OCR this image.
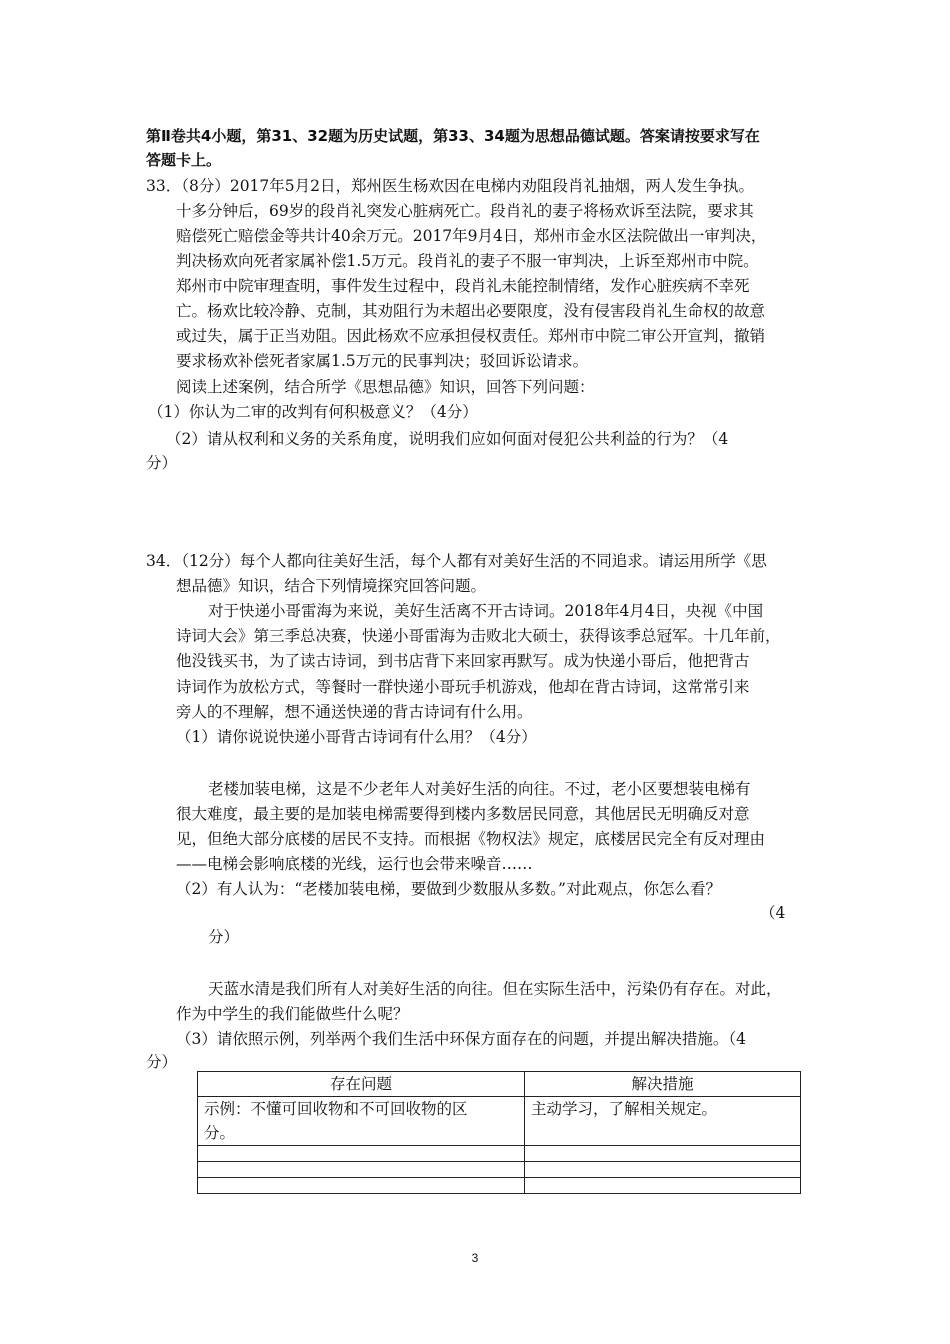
第Ⅱ卷共4小题，第31、32题为历史试题，第33、34题为思想品德试题。答案请按要求写在
答题卡上。
33．（8分）2017年5月2日，郑州医生杨欢因在电梯内劝阻段肖礼抽烟，两人发生争执。
十多分钟后，69岁的段肖礼突发心脏病死亡。段肖礼的妻子将杨欢诉至法院，要求其
赔偿死亡赔偿金等共计40余万元。2017年9月4日，郑州市金水区法院做出一审判决，
判决杨欢向死者家属补偿1.5万元。段肖礼的妻子不服一审判决，上诉至郑州市中院。
郑州市中院审理查明，事件发生过程中，段肖礼未能控制情绪，发作心脏疾病不幸死
亡。杨欢比较冷静、克制，其劝阻行为未超出必要限度，没有侵害段肖礼生命权的故意
或过失，属于正当劝阻。因此杨欢不应承担侵权责任。郑州市中院二审公开宣判，撤销
要求杨欢补偿死者家属1.5万元的民事判决；驳回诉讼请求。
阅读上述案例，结合所学《思想品德》知识，回答下列问题：
（1）你认为二审的改判有何积极意义？（4分）
（2）请从权利和义务的关系角度，说明我们应如何面对侵犯公共利益的行为？（4
分）
34．（12分）每个人都向往美好生活，每个人都有对美好生活的不同追求。请运用所学《思
想品德》知识，结合下列情境探究回答问题。
对于快递小哥雷海为来说，美好生活离不开古诗词。2018年4月4日，央视《中国
诗词大会》第三季总决赛，快递小哥雷海为击败北大硕士，获得该季总冠军。十几年前，
他没钱买书，为了读古诗词，到书店背下来回家再默写。成为快递小哥后，他把背古
诗词作为放松方式，等餐时一群快递小哥玩手机游戏，他却在背古诗词，这常常引来
旁人的不理解，想不通送快递的背古诗词有什么用。
（1）请你说说快递小哥背古诗词有什么用？（4分）
老楼加装电梯，这是不少老年人对美好生活的向往。不过，老小区要想装电梯有
很大难度，最主要的是加装电梯需要得到楼内多数居民同意，其他居民无明确反对意
见，但绝大部分底楼的居民不支持。而根据《物权法》规定，底楼居民完全有反对理由
——电梯会影响底楼的光线，运行也会带来噪音……
（2）有人认为：“老楼加装电梯，要做到少数服从多数。”对此观点，你怎么看？
（4
分）
天蓝水清是我们所有人对美好生活的向往。但在实际生活中，污染仍有存在。对此，
作为中学生的我们能做些什么呢？
（3）请依照示例，列举两个我们生活中环保方面存在的问题，并提出解决措施。（4
分）
存在问题	解决措施
示例：不懂可回收物和不可回收物的区
分。	主动学习，了解相关规定。

3
